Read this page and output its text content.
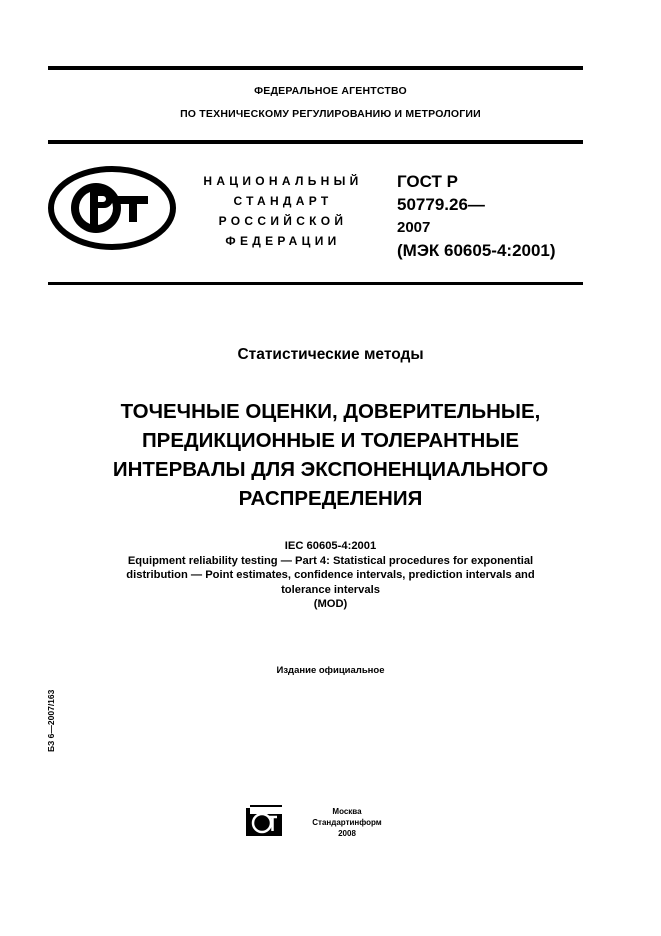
ФЕДЕРАЛЬНОЕ АГЕНТСТВО
ПО ТЕХНИЧЕСКОМУ РЕГУЛИРОВАНИЮ И МЕТРОЛОГИИ
НАЦИОНАЛЬНЫЙ
СТАНДАРТ
РОССИЙСКОЙ
ФЕДЕРАЦИИ
ГОСТ Р
50779.26—
2007
(МЭК 60605-4:2001)
Статистические методы
ТОЧЕЧНЫЕ ОЦЕНКИ, ДОВЕРИТЕЛЬНЫЕ,
ПРЕДИКЦИОННЫЕ И ТОЛЕРАНТНЫЕ
ИНТЕРВАЛЫ ДЛЯ ЭКСПОНЕНЦИАЛЬНОГО
РАСПРЕДЕЛЕНИЯ
IEC 60605-4:2001
Equipment reliability testing — Part 4: Statistical procedures for exponential
distribution — Point estimates, confidence intervals, prediction intervals and
tolerance intervals
(MOD)
Издание официальное
БЗ 6—2007/163
Москва
Стандартинформ
2008
